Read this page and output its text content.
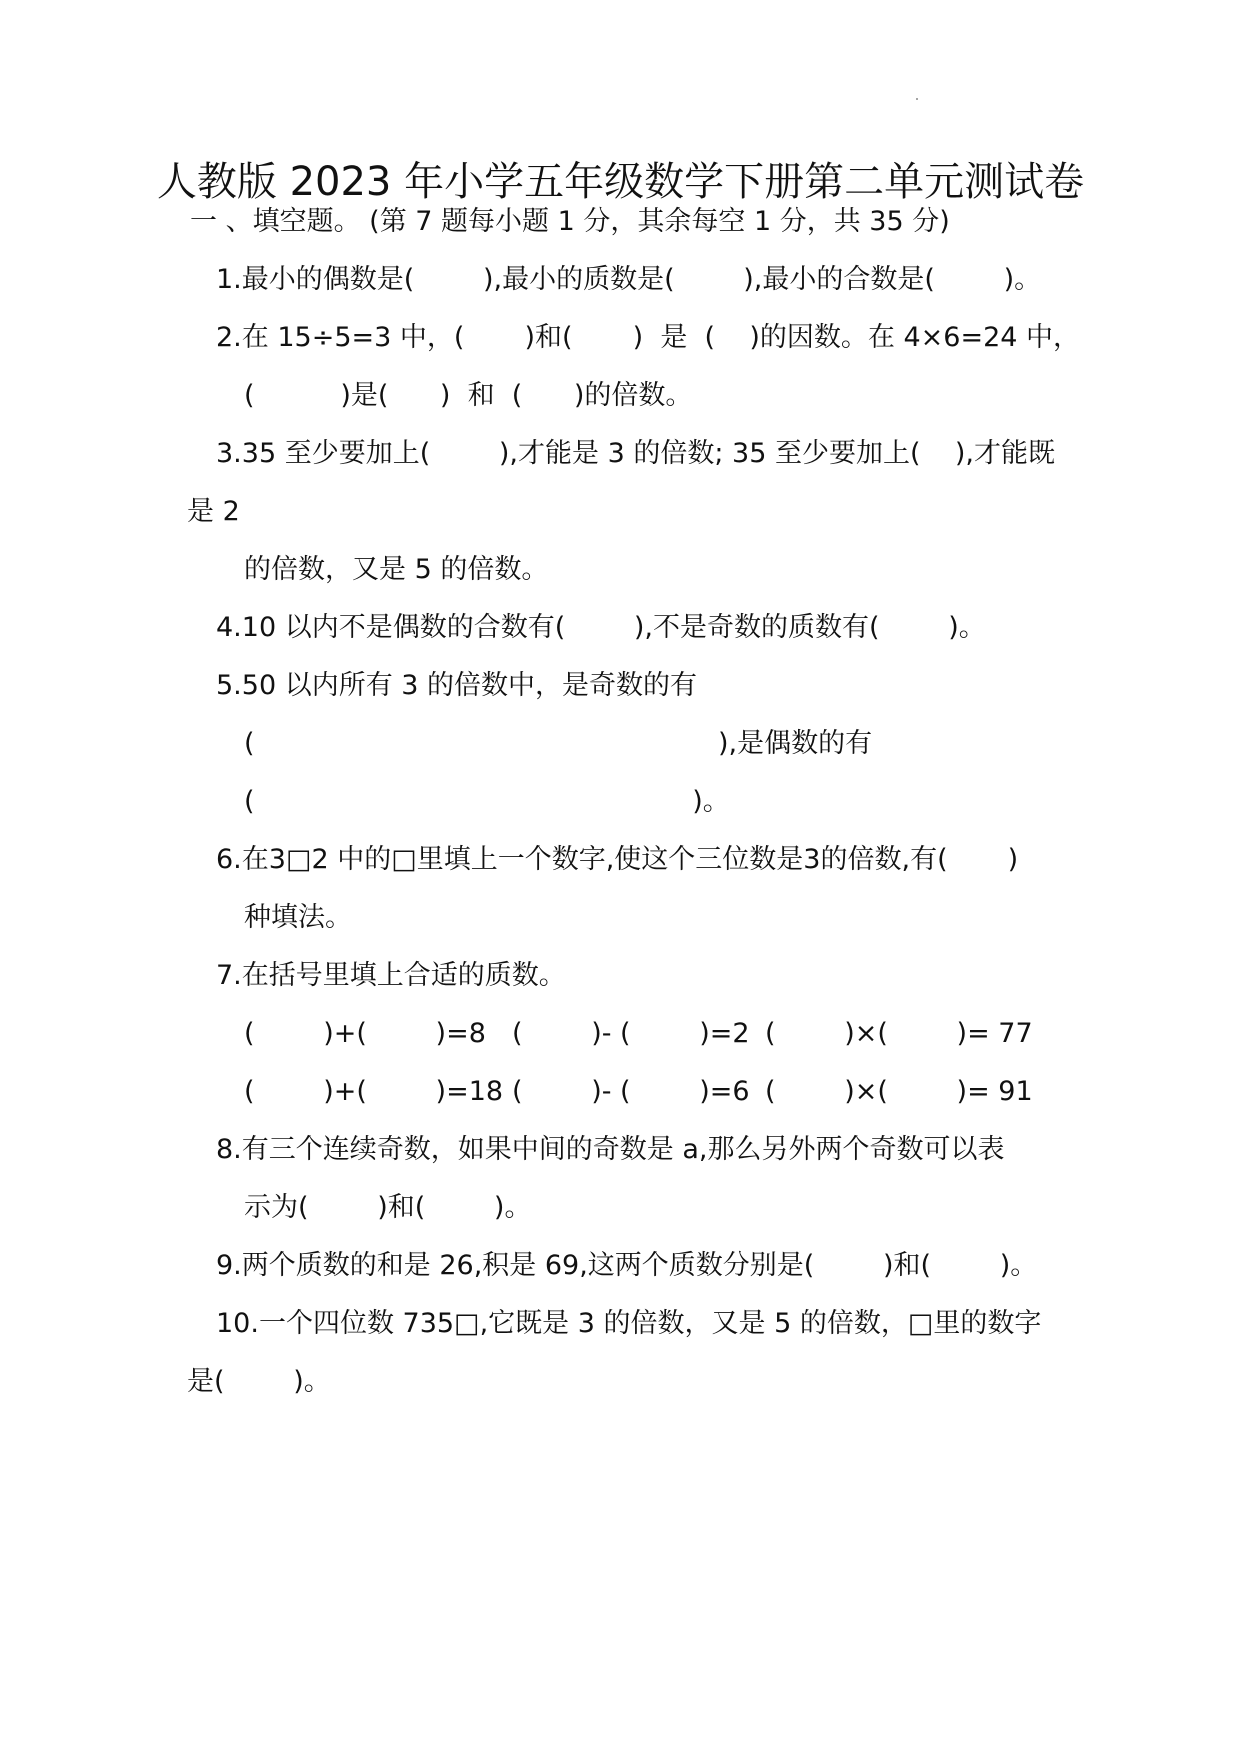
人教版 2023 年小学五年级数学下册第二单元测试卷
一 、填空题。 (第 7 题每小题 1 分，其余每空 1 分，共 35 分)
1.最小的偶数是(        ),最小的质数是(        ),最小的合数是(        )。
2.在 15÷5=3 中，(       )和(       )  是  (    )的因数。在 4×6=24 中，
(          )是(      )  和  (      )的倍数。
3.35 至少要加上(        ),才能是 3 的倍数; 35 至少要加上(    ),才能既
是 2
的倍数，又是 5 的倍数。
4.10 以内不是偶数的合数有(        ),不是奇数的质数有(        )。
5.50 以内所有 3 的倍数中，是奇数的有
(                                                      ),是偶数的有
(                                                   )。
6.在3□2 中的□里填上一个数字,使这个三位数是3的倍数,有(       )
种填法。
7.在括号里填上合适的质数。
(        )+(        )=8 (        )- (        )=2 (        )×(        )= 77
(        )+(        )=18 (        )- (        )=6 (        )×(        )= 91
8.有三个连续奇数，如果中间的奇数是 a,那么另外两个奇数可以表
示为(        )和(        )。
9.两个质数的和是 26,积是 69,这两个质数分别是(        )和(        )。
10.一个四位数 735□,它既是 3 的倍数，又是 5 的倍数，□里的数字
是(        )。
